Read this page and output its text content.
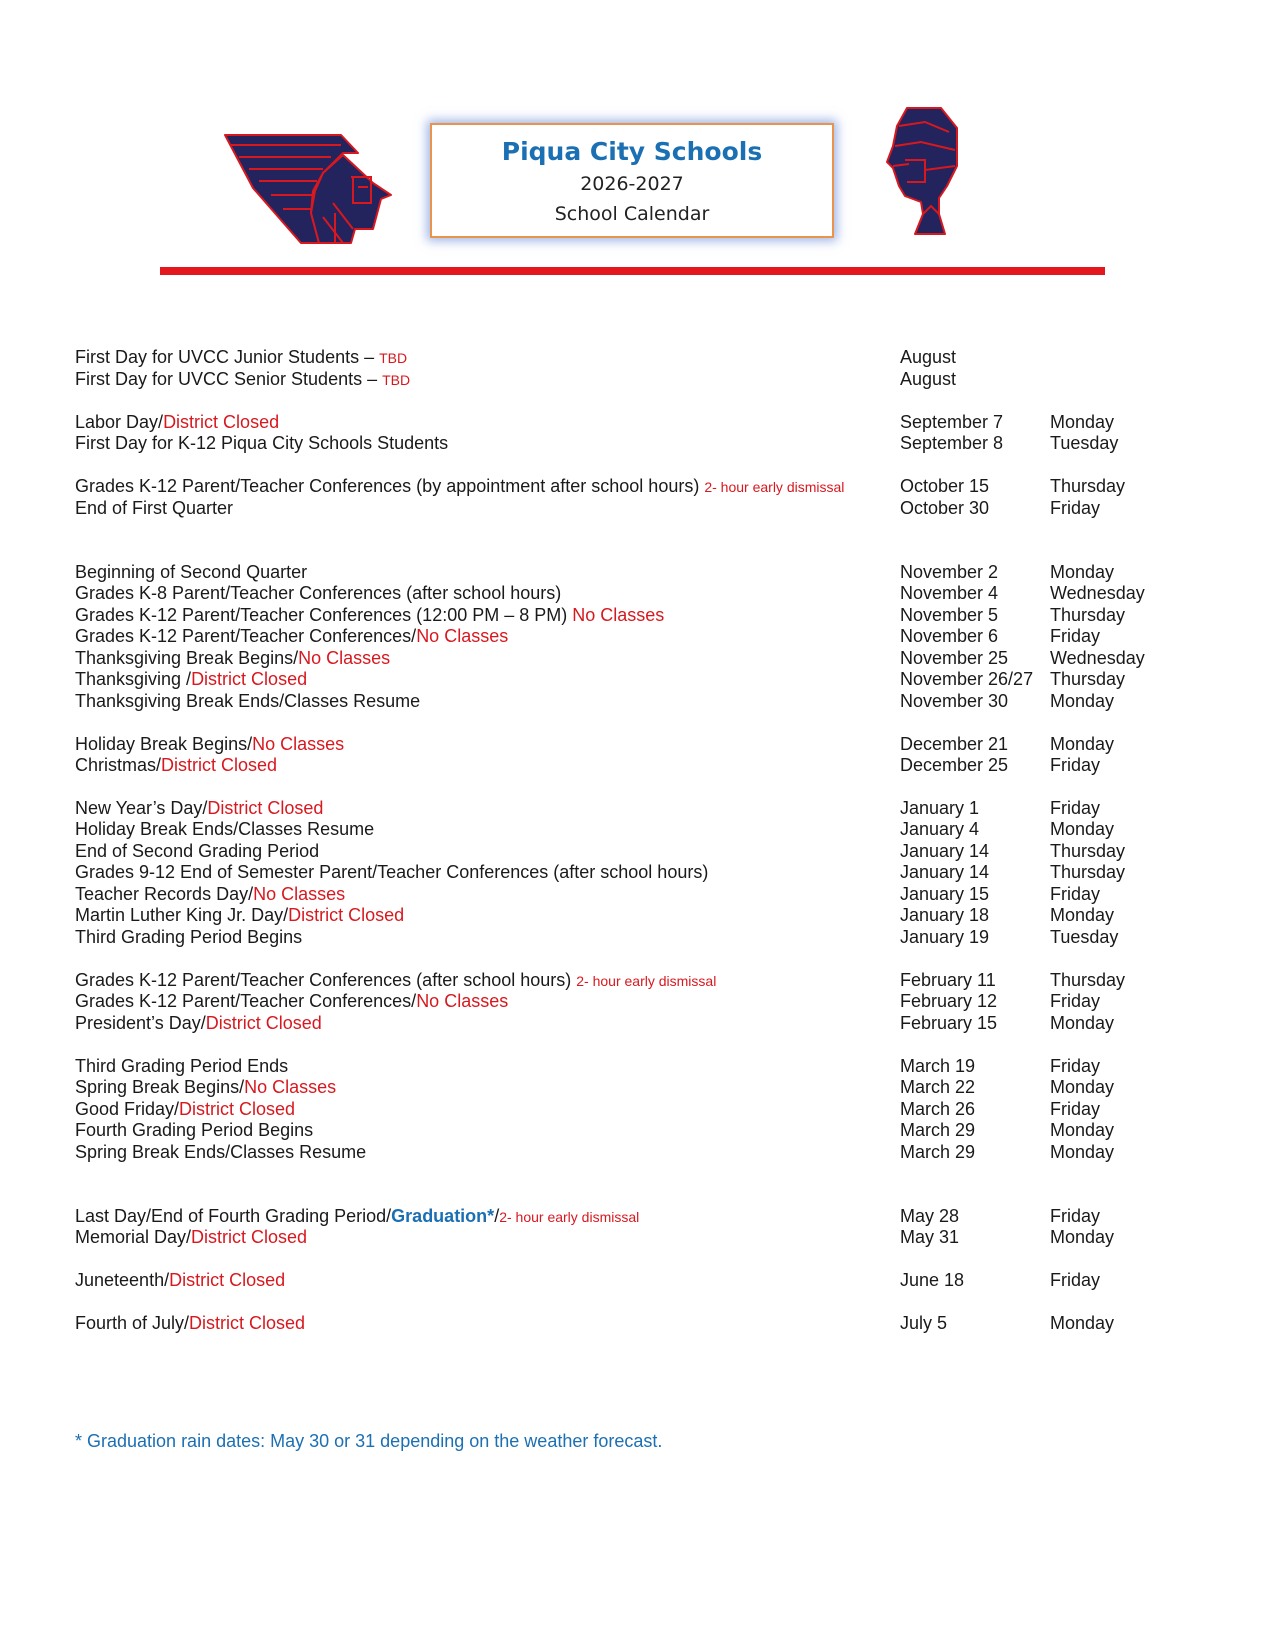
Piqua City Schools
2026-2027
School Calendar
First Day for UVCC Junior Students – TBD	August
First Day for UVCC Senior Students – TBD	August
Labor Day/District Closed	September 7	Monday
First Day for K-12 Piqua City Schools Students	September 8	Tuesday
Grades K-12 Parent/Teacher Conferences (by appointment after school hours) 2- hour early dismissal	October 15	Thursday
End of First Quarter	October 30	Friday
Beginning of Second Quarter	November 2	Monday
Grades K-8 Parent/Teacher Conferences (after school hours)	November 4	Wednesday
Grades K-12 Parent/Teacher Conferences (12:00 PM – 8 PM) No Classes	November 5	Thursday
Grades K-12 Parent/Teacher Conferences/No Classes	November 6	Friday
Thanksgiving Break Begins/No Classes	November 25 Wednesday
Thanksgiving /District Closed	November 26/27 Thursday
Thanksgiving Break Ends/Classes Resume	November 30 Monday
Holiday Break Begins/No Classes	December 21 Monday
Christmas/District Closed	December 25 Friday
New Year’s Day/District Closed	January 1	Friday
Holiday Break Ends/Classes Resume	January 4	Monday
End of Second Grading Period	January 14	Thursday
Grades 9-12 End of Semester Parent/Teacher Conferences (after school hours)	January 14	Thursday
Teacher Records Day/No Classes	January 15	Friday
Martin Luther King Jr. Day/District Closed	January 18	Monday
Third Grading Period Begins	January 19	Tuesday
Grades K-12 Parent/Teacher Conferences (after school hours) 2- hour early dismissal	February 11	Thursday
Grades K-12 Parent/Teacher Conferences/No Classes	February 12	Friday
President’s Day/District Closed	February 15	Monday
Third Grading Period Ends	March 19	Friday
Spring Break Begins/No Classes	March 22	Monday
Good Friday/District Closed	March 26	Friday
Fourth Grading Period Begins	March 29	Monday
Spring Break Ends/Classes Resume	March 29	Monday
Last Day/End of Fourth Grading Period/Graduation*/2- hour early dismissal	May 28	Friday
Memorial Day/District Closed	May 31	Monday
Juneteenth/District Closed	June 18	Friday
Fourth of July/District Closed	July 5	Monday
* Graduation rain dates: May 30 or 31 depending on the weather forecast.
